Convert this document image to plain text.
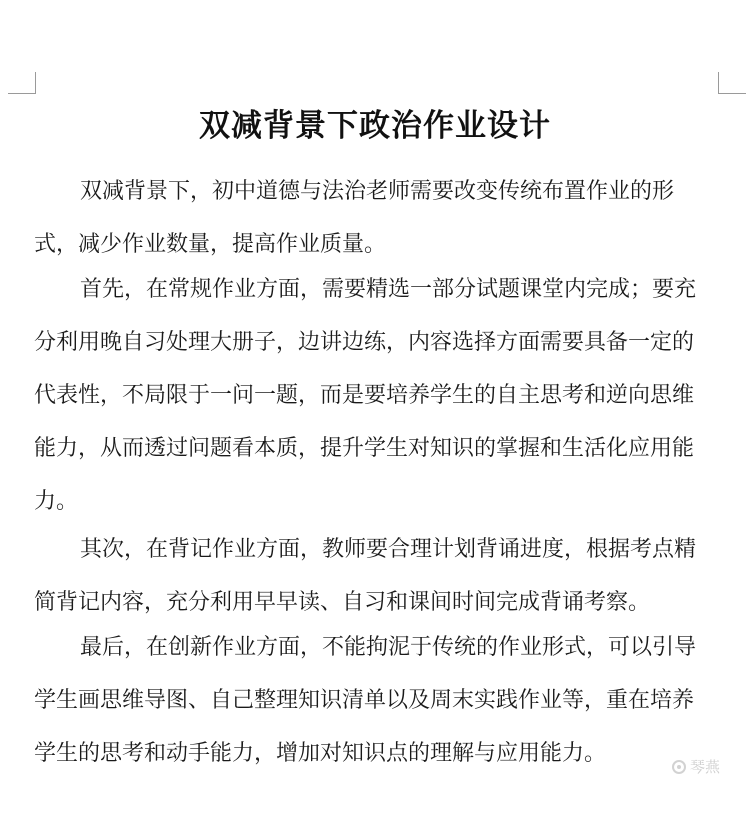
双减背景下政治作业设计

双减背景下，初中道德与法治老师需要改变传统布置作业的形
式，减少作业数量，提高作业质量。

首先，在常规作业方面，需要精选一部分试题课堂内完成；要充
分利用晚自习处理大册子，边讲边练，内容选择方面需要具备一定的
代表性，不局限于一问一题，而是要培养学生的自主思考和逆向思维
能力，从而透过问题看本质，提升学生对知识的掌握和生活化应用能
力。

其次，在背记作业方面，教师要合理计划背诵进度，根据考点精
简背记内容，充分利用早早读、自习和课间时间完成背诵考察。

最后，在创新作业方面，不能拘泥于传统的作业形式，可以引导
学生画思维导图、自己整理知识清单以及周末实践作业等，重在培养
学生的思考和动手能力，增加对知识点的理解与应用能力。

琴燕
